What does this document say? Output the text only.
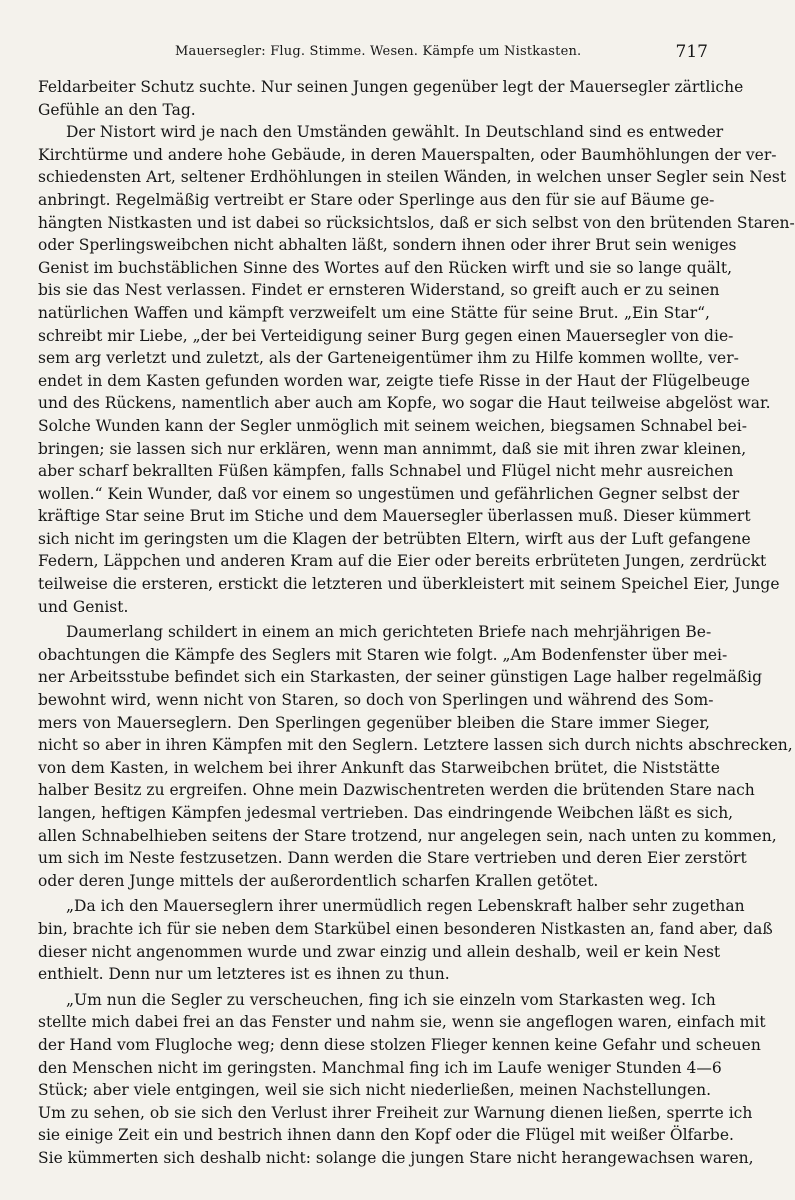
Mauersegler: Flug. Stimme. Wesen. Kämpfe um Nistkasten.	717
Feldarbeiter Schutz suchte. Nur seinen Jungen gegenüber legt der Mauersegler zärtliche
Gefühle an den Tag.
Der Nistort wird je nach den Umständen gewählt. In Deutschland sind es entweder
Kirchtürme und andere hohe Gebäude, in deren Mauerspalten, oder Baumhöhlungen der ver-
schiedensten Art, seltener Erdhöhlungen in steilen Wänden, in welchen unser Segler sein Nest
anbringt. Regelmäßig vertreibt er Stare oder Sperlinge aus den für sie auf Bäume ge-
hängten Nistkasten und ist dabei so rücksichtslos, daß er sich selbst von den brütenden Staren-
oder Sperlingsweibchen nicht abhalten läßt, sondern ihnen oder ihrer Brut sein weniges
Genist im buchstäblichen Sinne des Wortes auf den Rücken wirft und sie so lange quält,
bis sie das Nest verlassen. Findet er ernsteren Widerstand, so greift auch er zu seinen
natürlichen Waffen und kämpft verzweifelt um eine Stätte für seine Brut. „Ein Star“,
schreibt mir Liebe, „der bei Verteidigung seiner Burg gegen einen Mauersegler von die-
sem arg verletzt und zuletzt, als der Garteneigentümer ihm zu Hilfe kommen wollte, ver-
endet in dem Kasten gefunden worden war, zeigte tiefe Risse in der Haut der Flügelbeuge
und des Rückens, namentlich aber auch am Kopfe, wo sogar die Haut teilweise abgelöst war.
Solche Wunden kann der Segler unmöglich mit seinem weichen, biegsamen Schnabel bei-
bringen; sie lassen sich nur erklären, wenn man annimmt, daß sie mit ihren zwar kleinen,
aber scharf bekrallten Füßen kämpfen, falls Schnabel und Flügel nicht mehr ausreichen
wollen.“ Kein Wunder, daß vor einem so ungestümen und gefährlichen Gegner selbst der
kräftige Star seine Brut im Stiche und dem Mauersegler überlassen muß. Dieser kümmert
sich nicht im geringsten um die Klagen der betrübten Eltern, wirft aus der Luft gefangene
Federn, Läppchen und anderen Kram auf die Eier oder bereits erbrüteten Jungen, zerdrückt
teilweise die ersteren, erstickt die letzteren und überkleistert mit seinem Speichel Eier, Junge
und Genist.
Daumerlang schildert in einem an mich gerichteten Briefe nach mehrjährigen Be-
obachtungen die Kämpfe des Seglers mit Staren wie folgt. „Am Bodenfenster über mei-
ner Arbeitsstube befindet sich ein Starkasten, der seiner günstigen Lage halber regelmäßig
bewohnt wird, wenn nicht von Staren, so doch von Sperlingen und während des Som-
mers von Mauerseglern. Den Sperlingen gegenüber bleiben die Stare immer Sieger,
nicht so aber in ihren Kämpfen mit den Seglern. Letztere lassen sich durch nichts abschrecken,
von dem Kasten, in welchem bei ihrer Ankunft das Starweibchen brütet, die Niststätte
halber Besitz zu ergreifen. Ohne mein Dazwischentreten werden die brütenden Stare nach
langen, heftigen Kämpfen jedesmal vertrieben. Das eindringende Weibchen läßt es sich,
allen Schnabelhieben seitens der Stare trotzend, nur angelegen sein, nach unten zu kommen,
um sich im Neste festzusetzen. Dann werden die Stare vertrieben und deren Eier zerstört
oder deren Junge mittels der außerordentlich scharfen Krallen getötet.
„Da ich den Mauerseglern ihrer unermüdlich regen Lebenskraft halber sehr zugethan
bin, brachte ich für sie neben dem Starkübel einen besonderen Nistkasten an, fand aber, daß
dieser nicht angenommen wurde und zwar einzig und allein deshalb, weil er kein Nest
enthielt. Denn nur um letzteres ist es ihnen zu thun.
„Um nun die Segler zu verscheuchen, fing ich sie einzeln vom Starkasten weg. Ich
stellte mich dabei frei an das Fenster und nahm sie, wenn sie angeflogen waren, einfach mit
der Hand vom Flugloche weg; denn diese stolzen Flieger kennen keine Gefahr und scheuen
den Menschen nicht im geringsten. Manchmal fing ich im Laufe weniger Stunden 4—6
Stück; aber viele entgingen, weil sie sich nicht niederließen, meinen Nachstellungen.
Um zu sehen, ob sie sich den Verlust ihrer Freiheit zur Warnung dienen ließen, sperrte ich
sie einige Zeit ein und bestrich ihnen dann den Kopf oder die Flügel mit weißer Ölfarbe.
Sie kümmerten sich deshalb nicht: solange die jungen Stare nicht herangewachsen waren,
